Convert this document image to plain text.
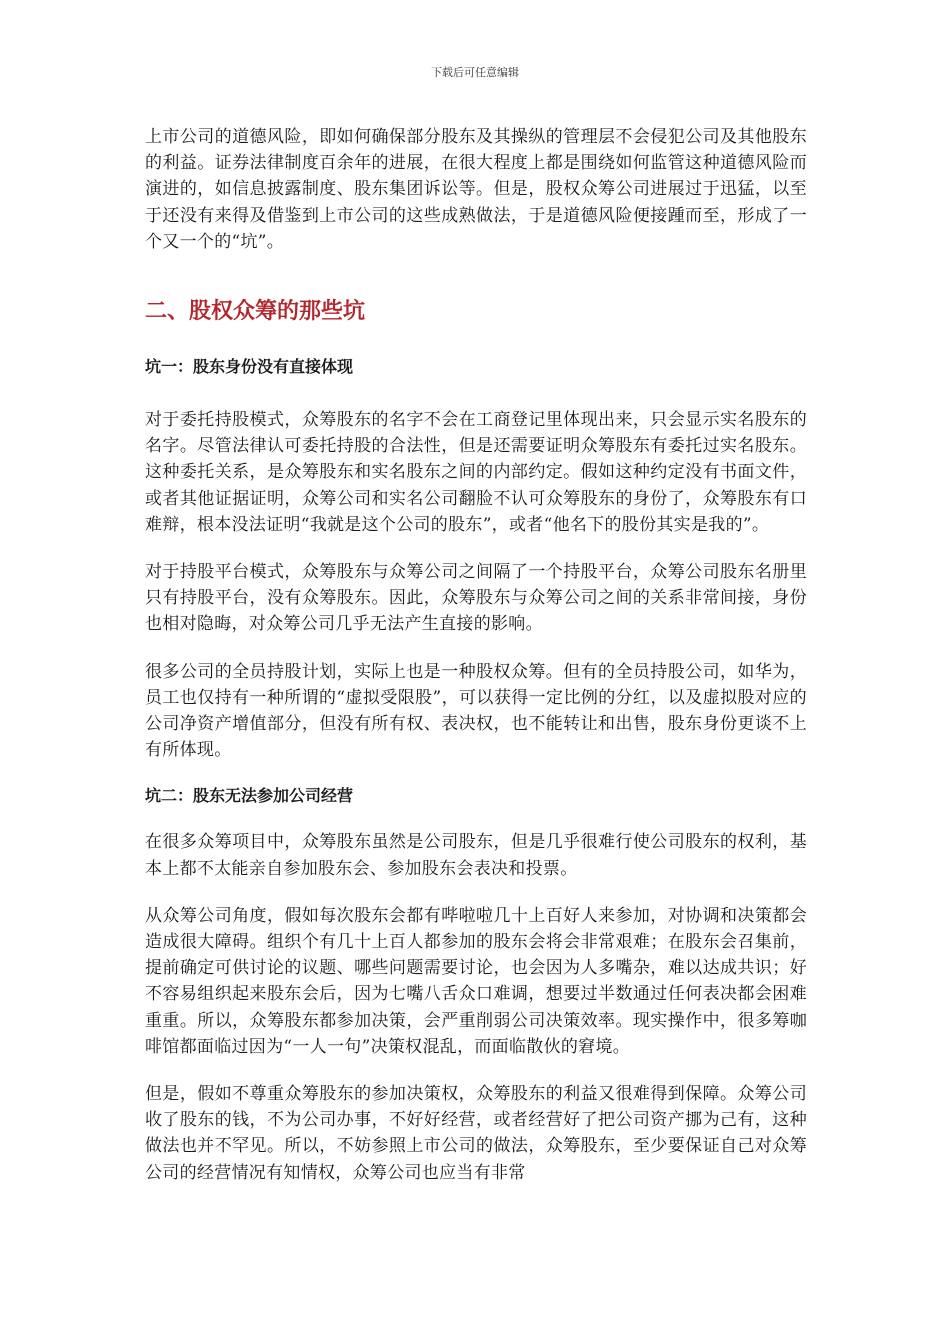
下载后可任意编辑

上市公司的道德风险，即如何确保部分股东及其操纵的管理层不会侵犯公司及其他股东的利益。证券法律制度百余年的进展，在很大程度上都是围绕如何监管这种道德风险而演进的，如信息披露制度、股东集团诉讼等。但是，股权众筹公司进展过于迅猛，以至于还没有来得及借鉴到上市公司的这些成熟做法，于是道德风险便接踵而至，形成了一个又一个的“坑”。

二、股权众筹的那些坑
坑一：股东身份没有直接体现

对于委托持股模式，众筹股东的名字不会在工商登记里体现出来，只会显示实名股东的名字。尽管法律认可委托持股的合法性，但是还需要证明众筹股东有委托过实名股东。这种委托关系，是众筹股东和实名股东之间的内部约定。假如这种约定没有书面文件，或者其他证据证明，众筹公司和实名公司翻脸不认可众筹股东的身份了，众筹股东有口难辩，根本没法证明“我就是这个公司的股东”，或者“他名下的股份其实是我的”。

对于持股平台模式，众筹股东与众筹公司之间隔了一个持股平台，众筹公司股东名册里只有持股平台，没有众筹股东。因此，众筹股东与众筹公司之间的关系非常间接，身份也相对隐晦，对众筹公司几乎无法产生直接的影响。

很多公司的全员持股计划，实际上也是一种股权众筹。但有的全员持股公司，如华为，员工也仅持有一种所谓的“虚拟受限股”，可以获得一定比例的分红，以及虚拟股对应的公司净资产增值部分，但没有所有权、表决权，也不能转让和出售，股东身份更谈不上有所体现。

坑二：股东无法参加公司经营

在很多众筹项目中，众筹股东虽然是公司股东，但是几乎很难行使公司股东的权利，基本上都不太能亲自参加股东会、参加股东会表决和投票。

从众筹公司角度，假如每次股东会都有哔啦啦几十上百好人来参加，对协调和决策都会造成很大障碍。组织个有几十上百人都参加的股东会将会非常艰难；在股东会召集前，提前确定可供讨论的议题、哪些问题需要讨论，也会因为人多嘴杂，难以达成共识；好不容易组织起来股东会后，因为七嘴八舌众口难调，想要过半数通过任何表决都会困难重重。所以，众筹股东都参加决策，会严重削弱公司决策效率。现实操作中，很多筹咖啡馆都面临过因为“一人一句”决策权混乱，而面临散伙的窘境。

但是，假如不尊重众筹股东的参加决策权，众筹股东的利益又很难得到保障。众筹公司收了股东的钱，不为公司办事，不好好经营，或者经营好了把公司资产挪为己有，这种做法也并不罕见。所以，不妨参照上市公司的做法，众筹股东，至少要保证自己对众筹公司的经营情况有知情权，众筹公司也应当有非常
